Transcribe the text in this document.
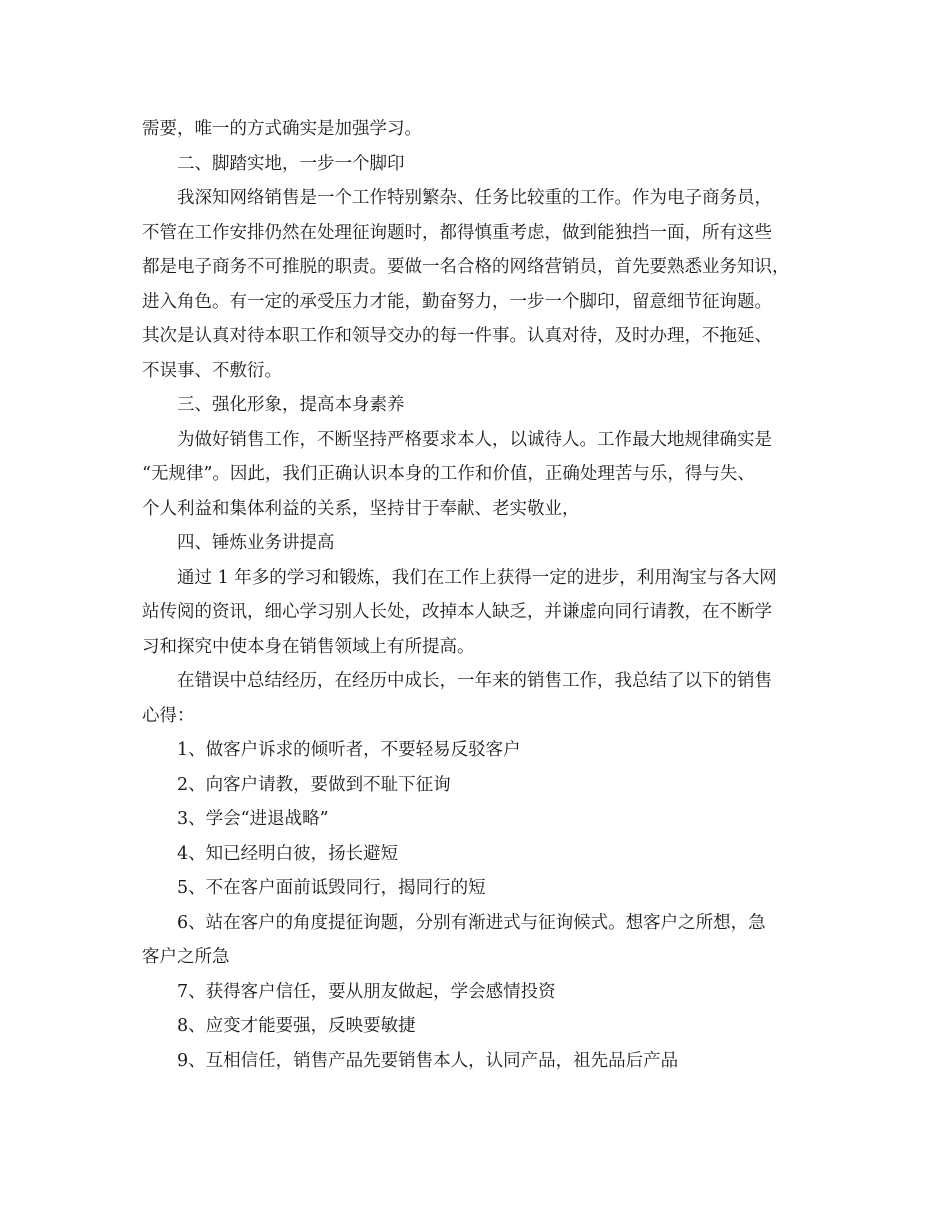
需要，唯一的方式确实是加强学习。
二、脚踏实地，一步一个脚印
我深知网络销售是一个工作特别繁杂、任务比较重的工作。作为电子商务员，
不管在工作安排仍然在处理征询题时，都得慎重考虑，做到能独挡一面，所有这些
都是电子商务不可推脱的职责。要做一名合格的网络营销员，首先要熟悉业务知识，
进入角色。有一定的承受压力才能，勤奋努力，一步一个脚印，留意细节征询题。
其次是认真对待本职工作和领导交办的每一件事。认真对待，及时办理，不拖延、
不误事、不敷衍。
三、强化形象，提高本身素养
为做好销售工作，不断坚持严格要求本人，以诚待人。工作最大地规律确实是
“无规律”。因此，我们正确认识本身的工作和价值，正确处理苦与乐，得与失、
个人利益和集体利益的关系，坚持甘于奉献、老实敬业，
四、锤炼业务讲提高
通过 1 年多的学习和锻炼，我们在工作上获得一定的进步，利用淘宝与各大网
站传阅的资讯，细心学习别人长处，改掉本人缺乏，并谦虚向同行请教，在不断学
习和探究中使本身在销售领域上有所提高。
在错误中总结经历，在经历中成长，一年来的销售工作，我总结了以下的销售
心得：
1、做客户诉求的倾听者，不要轻易反驳客户
2、向客户请教，要做到不耻下征询
3、学会“进退战略”
4、知已经明白彼，扬长避短
5、不在客户面前诋毁同行，揭同行的短
6、站在客户的角度提征询题，分别有渐进式与征询候式。想客户之所想，急
客户之所急
7、获得客户信任，要从朋友做起，学会感情投资
8、应变才能要强，反映要敏捷
9、互相信任，销售产品先要销售本人，认同产品，祖先品后产品
